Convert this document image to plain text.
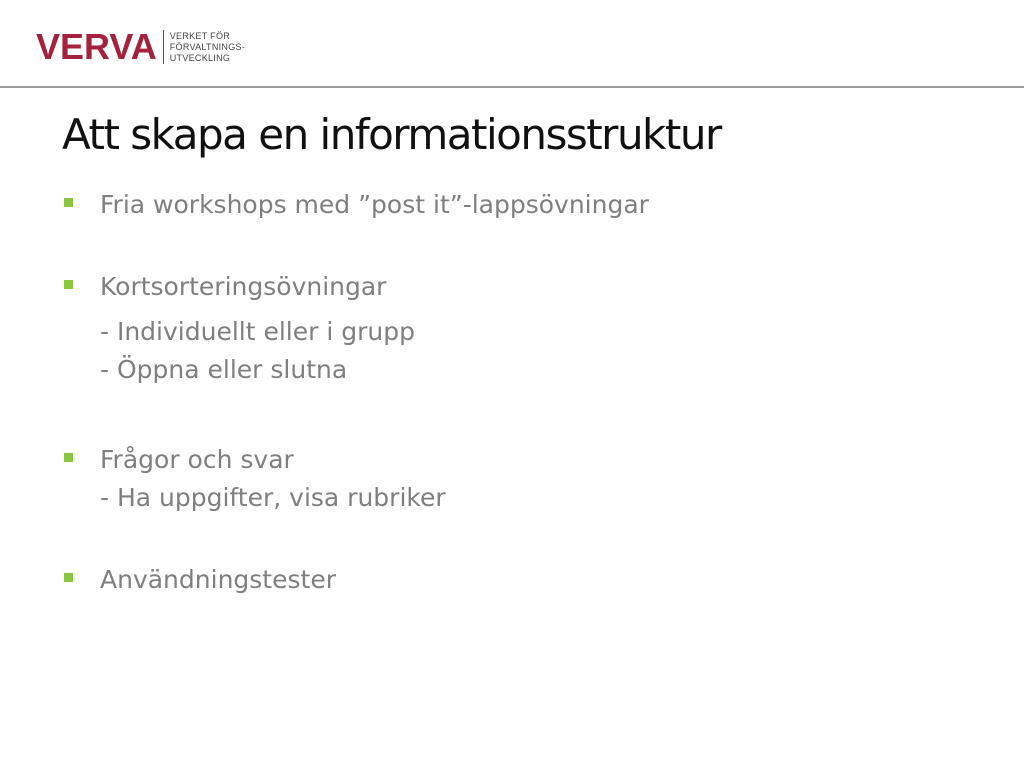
VERVA VERKET FÖR
FÖRVALTNINGS-
UTVECKLING
Att skapa en informationsstruktur
Fria workshops med ”post it”-lappsövningar
Kortsorteringsövningar
- Individuellt eller i grupp
- Öppna eller slutna
Frågor och svar
- Ha uppgifter, visa rubriker
Användningstester
